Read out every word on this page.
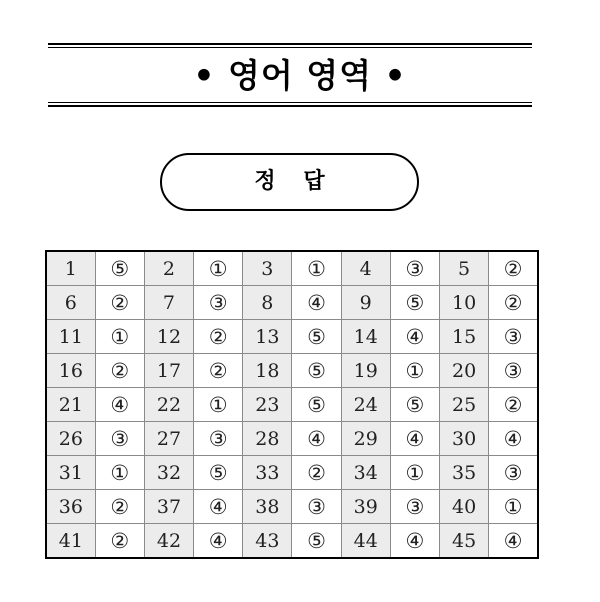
• 영어 영역 •
정 답
1	⑤	2	①	3	①	4	③	5	②
6	②	7	③	8	④	9	⑤	10	②
11	①	12	②	13	⑤	14	④	15	③
16	②	17	②	18	⑤	19	①	20	③
21	④	22	①	23	⑤	24	⑤	25	②
26	③	27	③	28	④	29	④	30	④
31	①	32	⑤	33	②	34	①	35	③
36	②	37	④	38	③	39	③	40	①
41	②	42	④	43	⑤	44	④	45	④
